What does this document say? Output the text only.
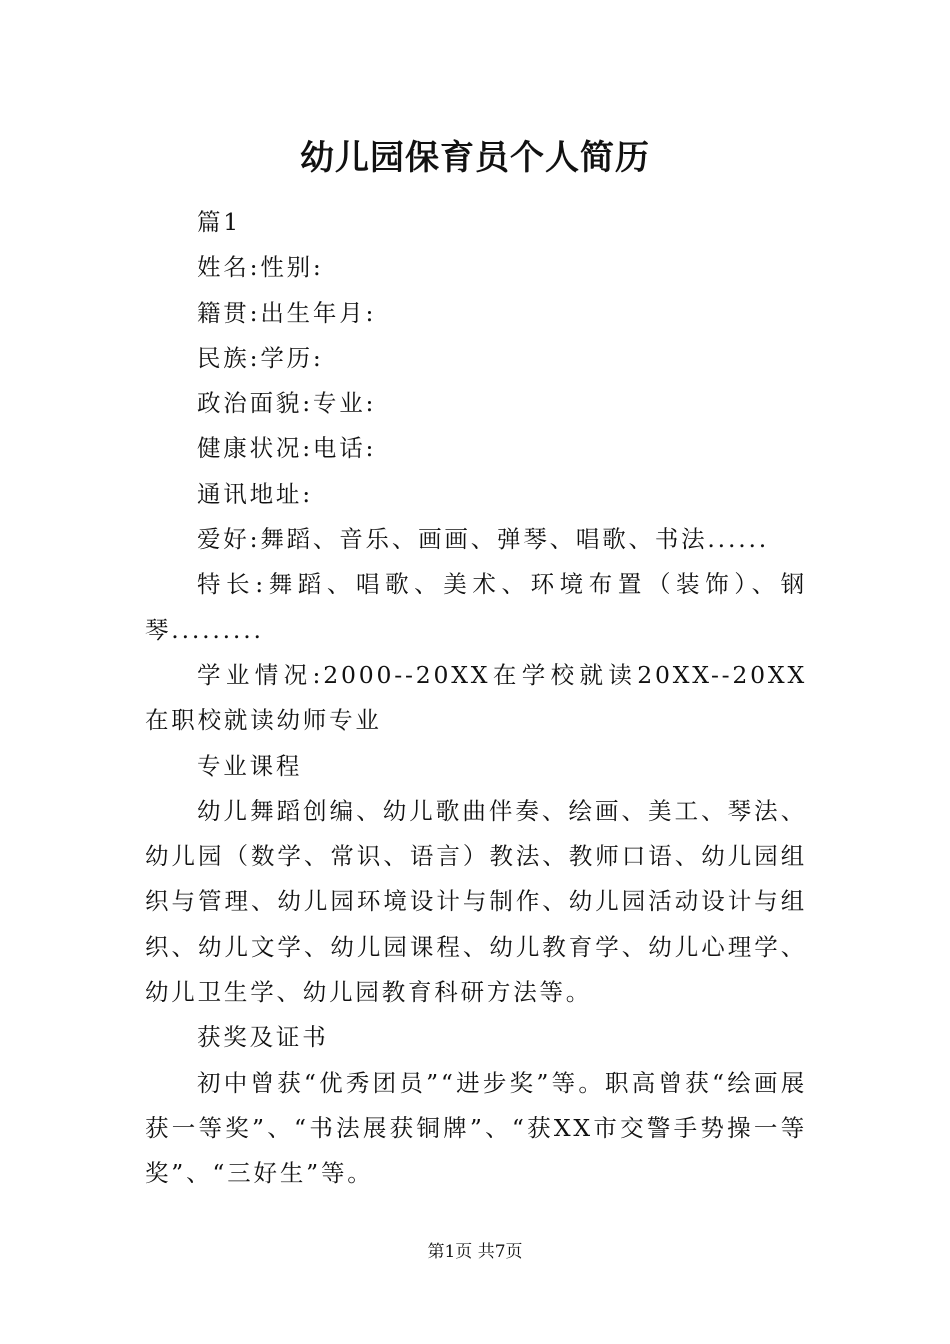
幼儿园保育员个人简历

篇1

姓名:性别:

籍贯:出生年月:

民族:学历:

政治面貌:专业:

健康状况:电话:

通讯地址:

爱好:舞蹈、音乐、画画、弹琴、唱歌、书法......

特长:舞蹈、唱歌、美术、环境布置（装饰）、钢琴.........

学业情况:2000--20XX在学校就读20XX--20XX在职校就读幼师专业

专业课程

幼儿舞蹈创编、幼儿歌曲伴奏、绘画、美工、琴法、幼儿园（数学、常识、语言）教法、教师口语、幼儿园组织与管理、幼儿园环境设计与制作、幼儿园活动设计与组织、幼儿文学、幼儿园课程、幼儿教育学、幼儿心理学、幼儿卫生学、幼儿园教育科研方法等。

获奖及证书

初中曾获“优秀团员”“进步奖”等。职高曾获“绘画展获一等奖”、“书法展获铜牌”、“获XX市交警手势操一等奖”、“三好生”等。

第1页 共7页
